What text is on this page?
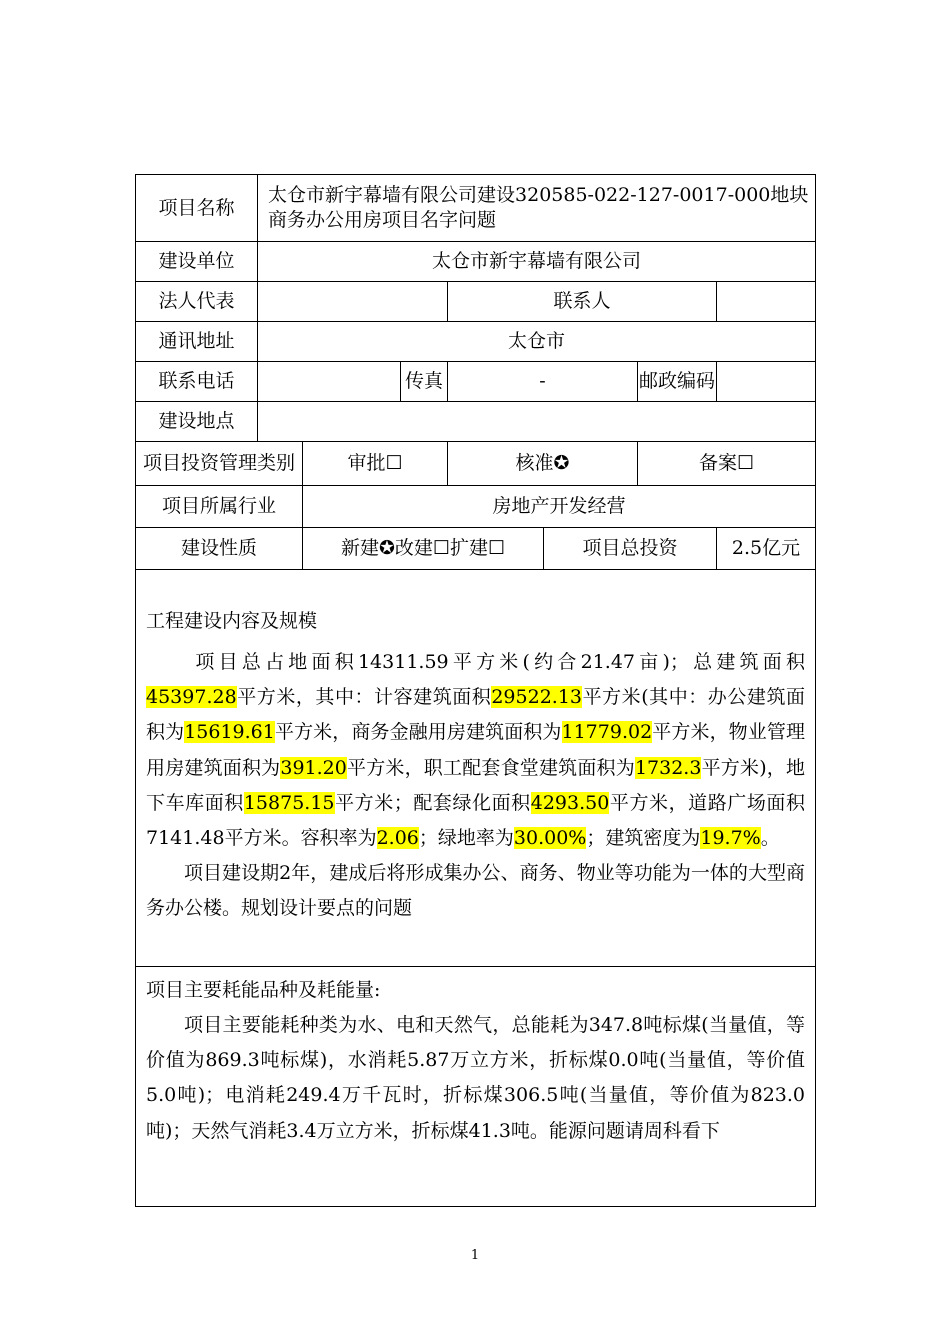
项目名称	太仓市新宇幕墙有限公司建设320585-022-127-0017-000地块商务办公用房项目名字问题						
建设单位	太仓市新宇幕墙有限公司						
法人代表				联系人			
通讯地址	太仓市						
联系电话			传真	-		邮政编码	
建设地点							
项目投资管理类别		审批☐		核准✪		备案☐	
项目所属行业		房地产开发经营					
建设性质		新建✪改建☐扩建☐			项目总投资		2.5亿元

工程建设内容及规模

项目总占地面积14311.59平方米(约合21.47亩)；总建筑面积45397.28平方米，其中：计容建筑面积29522.13平方米(其中：办公建筑面积为15619.61平方米，商务金融用房建筑面积为11779.02平方米，物业管理用房建筑面积为391.20平方米，职工配套食堂建筑面积为1732.3平方米)，地下车库面积15875.15平方米；配套绿化面积4293.50平方米，道路广场面积7141.48平方米。容积率为2.06；绿地率为30.00%；建筑密度为19.7%。

项目建设期2年，建成后将形成集办公、商务、物业等功能为一体的大型商务办公楼。规划设计要点的问题							

项目主要耗能品种及耗能量:

项目主要能耗种类为水、电和天然气，总能耗为347.8吨标煤(当量值，等价值为869.3吨标煤)，水消耗5.87万立方米，折标煤0.0吨(当量值，等价值5.0吨)；电消耗249.4万千瓦时，折标煤306.5吨(当量值，等价值为823.0吨)；天然气消耗3.4万立方米，折标煤41.3吨。能源问题请周科看下							

1
